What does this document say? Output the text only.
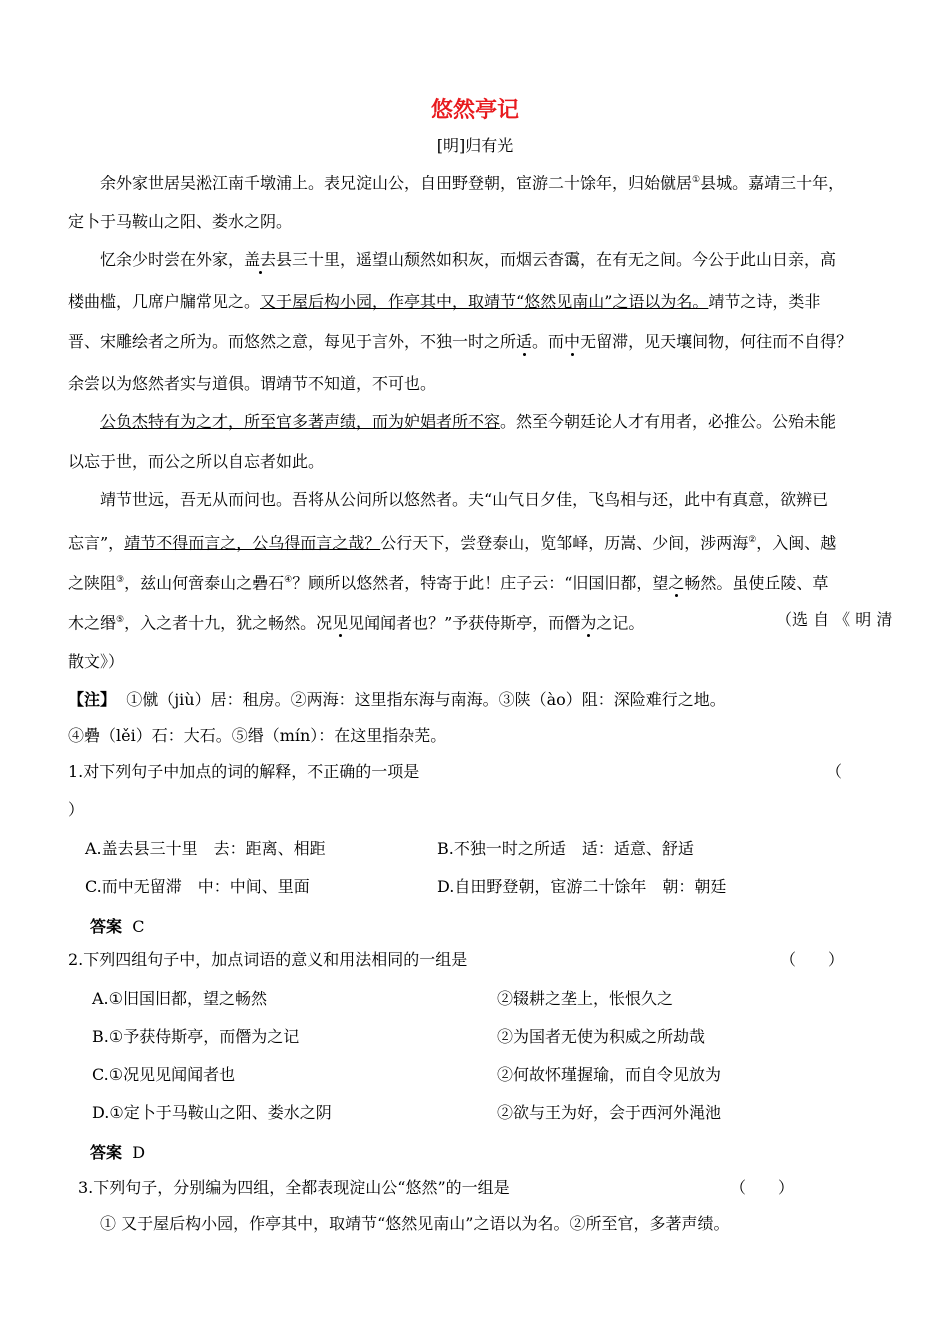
悠然亭记
[明]归有光
余外家世居吴淞江南千墩浦上。表兄淀山公，自田野登朝，宦游二十馀年，归始僦居①县城。嘉靖三十年，
定卜于马鞍山之阳、娄水之阴。
忆余少时尝在外家，盖去县三十里，遥望山颓然如积灰，而烟云杳霭，在有无之间。今公于此山日亲，高
楼曲槛，几席户牖常见之。又于屋后构小园，作亭其中，取靖节“悠然见南山”之语以为名。靖节之诗，类非
晋、宋雕绘者之所为。而悠然之意，每见于言外，不独一时之所适。而中无留滞，见天壤间物，何往而不自得？
余尝以为悠然者实与道俱。谓靖节不知道，不可也。
公负杰特有为之才，所至官多著声绩，而为妒娼者所不容。然至今朝廷论人才有用者，必推公。公殆未能
以忘于世，而公之所以自忘者如此。
靖节世远，吾无从而问也。吾将从公问所以悠然者。夫“山气日夕佳，飞鸟相与还，此中有真意，欲辨已
忘言”，靖节不得而言之，公乌得而言之哉？公行天下，尝登泰山，览邹峄，历嵩、少间，涉两海②，入闽、越
之陕阻③，兹山何啻泰山之礨石④？顾所以悠然者，特寄于此！庄子云：“旧国旧都，望之畅然。虽使丘陵、草
木之缗⑤，入之者十九，犹之畅然。况见见闻闻者也？”予获侍斯亭，而僭为之记。	（选 自 《 明 清
散文》）
【注】 ①僦（jiù）居：租房。②两海：这里指东海与南海。③陕（ào）阻：深险难行之地。
④礨（lěi）石：大石。⑤缗（mín）：在这里指杂芜。
1.对下列句子中加点的词的解释，不正确的一项是	（
）
A.盖去县三十里　去：距离、相距	B.不独一时之所适　适：适意、舒适
C.而中无留滞　中：中间、里面	D.自田野登朝，宦游二十馀年　朝：朝廷
答案 C
2.下列四组句子中，加点词语的意义和用法相同的一组是	（　　）
A.①旧国旧都，望之畅然	②辍耕之垄上，怅恨久之
B.①予获侍斯亭，而僭为之记	②为国者无使为积威之所劫哉
C.①况见见闻闻者也	②何故怀瑾握瑜，而自令见放为
D.①定卜于马鞍山之阳、娄水之阴	②欲与王为好，会于西河外渑池
答案 D
3.下列句子，分别编为四组，全都表现淀山公“悠然”的一组是	（　　）
① 又于屋后构小园，作亭其中，取靖节“悠然见南山”之语以为名。②所至官，多著声绩。
